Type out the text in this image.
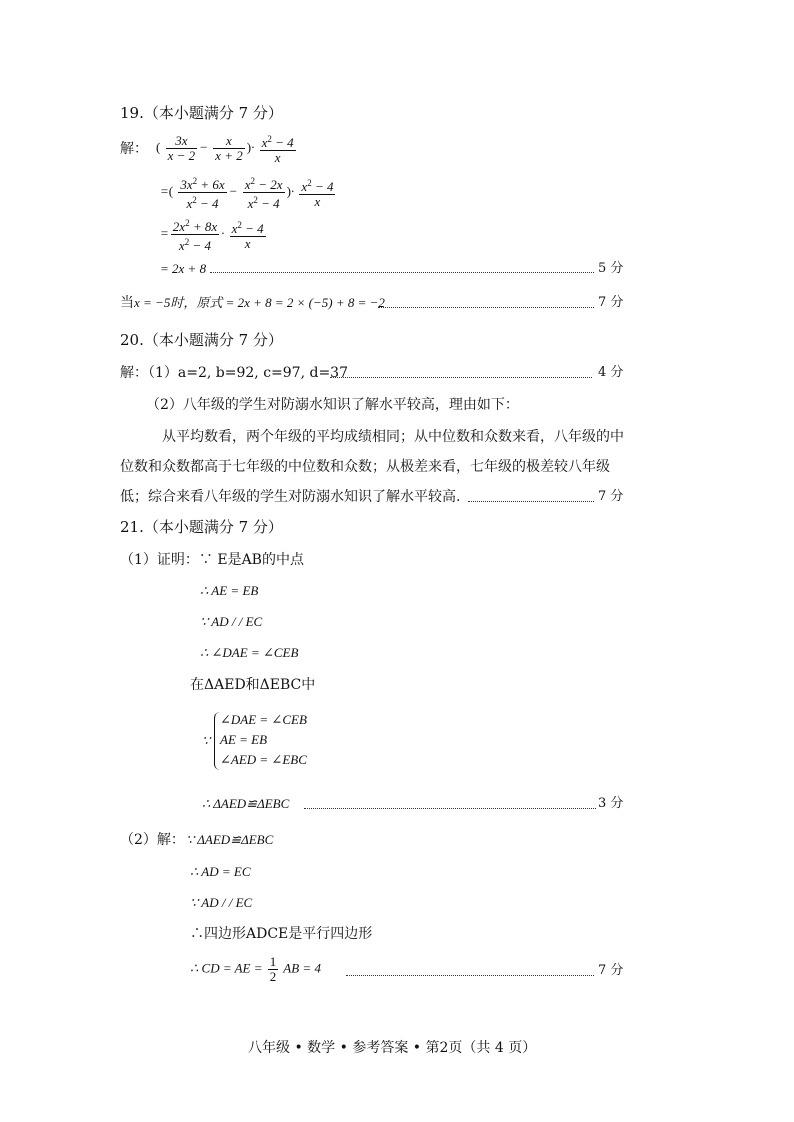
19.（本小题满分 7 分）
解： ( $\frac{3x}{x - 2} - \frac{x}{x + 2}$ )· $\frac{x^2 - 4}{x}$
=( $\frac{3x^2 + 6x}{x^2 - 4} - \frac{x^2 - 2x}{x^2 - 4}$ )· $\frac{x^2 - 4}{x}$
= $\frac{2x^2 + 8x}{x^2 - 4} \cdot \frac{x^2 - 4}{x}$
= 2x + 8	5 分
当x = −5时，原式 = 2x + 8 = 2 × (−5) + 8 = −2	7 分
20.（本小题满分 7 分）
解：（1）a=2, b=92, c=97, d=37	4 分
（2）八年级的学生对防溺水知识了解水平较高，理由如下：
从平均数看，两个年级的平均成绩相同；从中位数和众数来看，八年级的中
位数和众数都高于七年级的中位数和众数；从极差来看，七年级的极差较八年级
低；综合来看八年级的学生对防溺水知识了解水平较高.	7 分
21.（本小题满分 7 分）
（1）证明：∵ E是AB的中点
∴ AE = EB
∵ AD / / EC
∴ ∠DAE = ∠CEB
在ΔAED和ΔEBC中
∵
∠DAE = ∠CEB
AE = EB
∠AED = ∠EBC
∴ ΔAED≌ΔEBC	3 分
（2）解： ∵ ΔAED≌ΔEBC
∴ AD = EC
∵ AD / / EC
∴四边形ADCE是平行四边形
∴ CD = AE = $\frac{1}{2}$ AB = 4	7 分
八年级 • 数学 • 参考答案 • 第2页（共 4 页）
